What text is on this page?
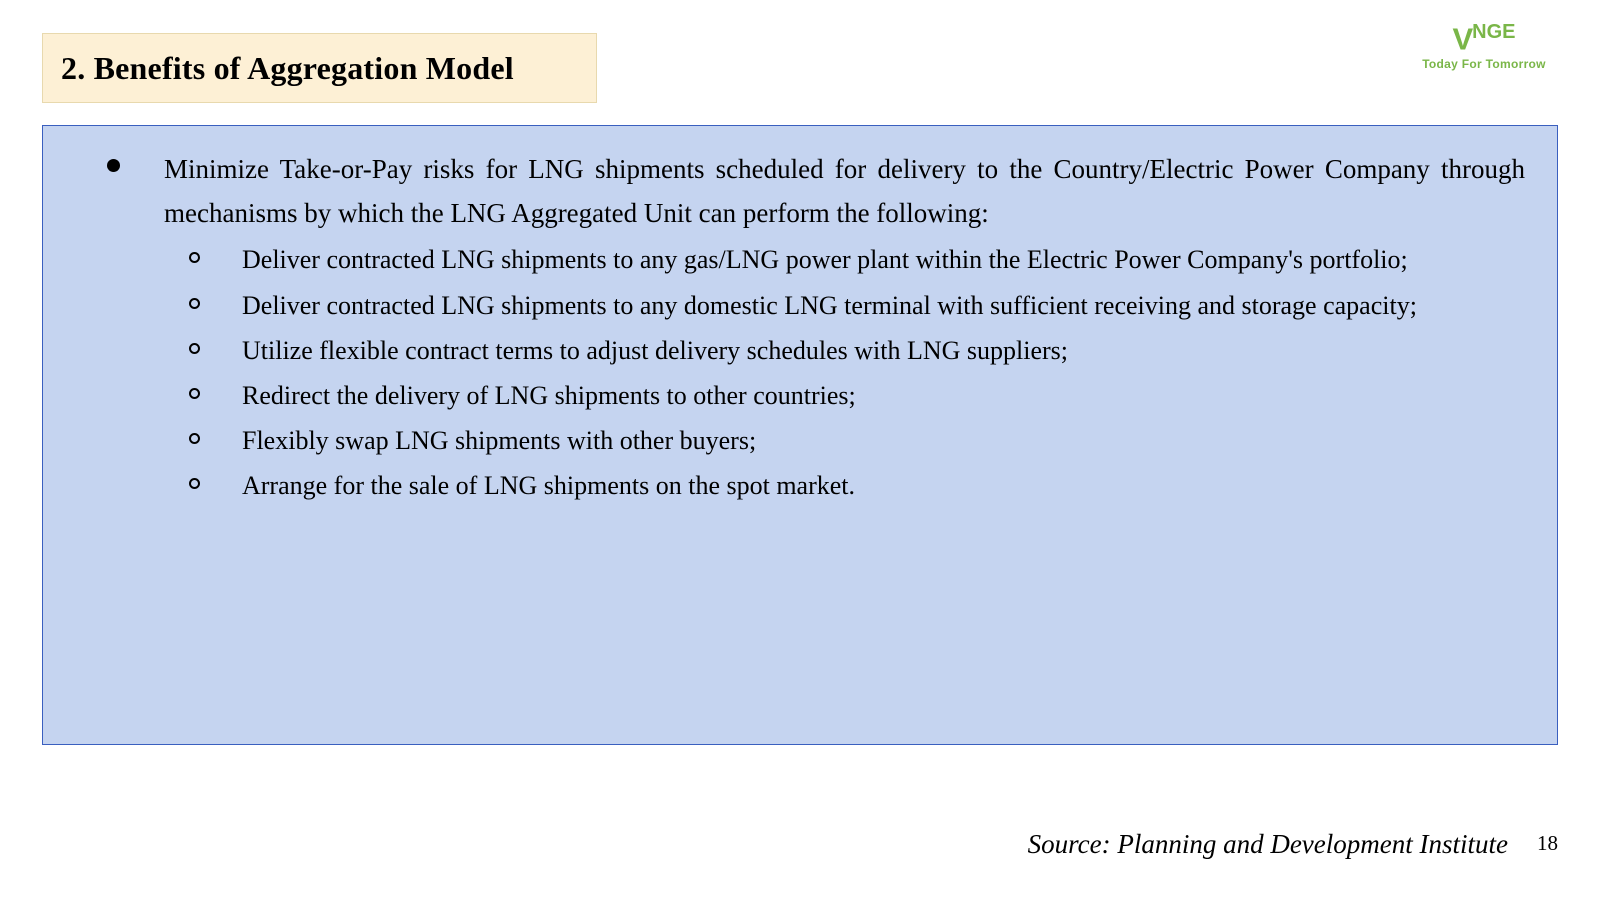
2. Benefits of Aggregation Model
$V^{NGE}$
Today For Tomorrow
Minimize Take-or-Pay risks for LNG shipments scheduled for delivery to the Country/Electric Power Company through mechanisms by which the LNG Aggregated Unit can perform the following:
Deliver contracted LNG shipments to any gas/LNG power plant within the Electric Power Company's portfolio;
Deliver contracted LNG shipments to any domestic LNG terminal with sufficient receiving and storage capacity;
Utilize flexible contract terms to adjust delivery schedules with LNG suppliers;
Redirect the delivery of LNG shipments to other countries;
Flexibly swap LNG shipments with other buyers;
Arrange for the sale of LNG shipments on the spot market.
Source: Planning and Development Institute 18
